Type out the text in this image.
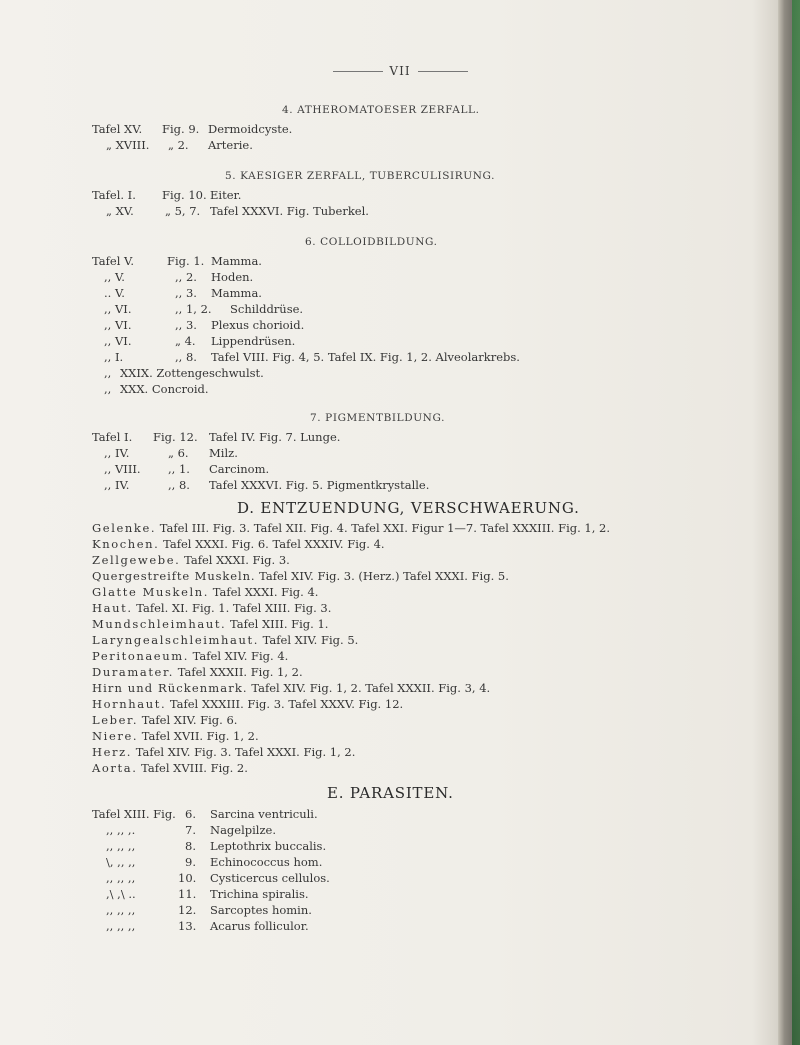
VII
4. ATHEROMATOESER ZERFALL.
Tafel XV. Fig. 9. Dermoidcyste.
„ XVIII. „ 2. Arterie.
5. KAESIGER ZERFALL, TUBERCULISIRUNG.
Tafel. I. Fig. 10. Eiter.
„ XV.	„ 5, 7. Tafel XXXVI. Fig. Tuberkel.
6. COLLOIDBILDUNG.
Tafel V.	Fig. 1. Mamma.
,, V.	,, 2. Hoden.
.. V.	,, 3. Mamma.
,, VI.	,, 1, 2. Schilddrüse.
,, VI.	,, 3. Plexus chorioid.
,, VI.	„ 4. Lippendrüsen.
,, I.	,, 8. Tafel VIII. Fig. 4, 5. Tafel IX. Fig. 1, 2. Alveolarkrebs.
,, XXIX. Zottengeschwulst.
,, XXX. Concroid.
7. PIGMENTBILDUNG.
Tafel I. Fig. 12. Tafel IV. Fig. 7. Lunge.
,, IV.	„ 6. Milz.
,, VIII. ,, 1. Carcinom.
,, IV.	,, 8. Tafel XXXVI. Fig. 5. Pigmentkrystalle.
D. ENTZUENDUNG, VERSCHWAERUNG.
Gelenke. Tafel III. Fig. 3. Tafel XII. Fig. 4. Tafel XXI. Figur 1—7. Tafel XXXIII. Fig. 1, 2.
Knochen. Tafel XXXI. Fig. 6. Tafel XXXIV. Fig. 4.
Zellgewebe. Tafel XXXI. Fig. 3.
Quergestreifte Muskeln. Tafel XIV. Fig. 3. (Herz.) Tafel XXXI. Fig. 5.
Glatte Muskeln. Tafel XXXI. Fig. 4.
Haut. Tafel. XI. Fig. 1. Tafel XIII. Fig. 3.
Mundschleimhaut. Tafel XIII. Fig. 1.
Laryngealschleimhaut. Tafel XIV. Fig. 5.
Peritonaeum. Tafel XIV. Fig. 4.
Duramater. Tafel XXXII. Fig. 1, 2.
Hirn und Rückenmark. Tafel XIV. Fig. 1, 2. Tafel XXXII. Fig. 3, 4.
Hornhaut. Tafel XXXIII. Fig. 3. Tafel XXXV. Fig. 12.
Leber. Tafel XIV. Fig. 6.
Niere. Tafel XVII. Fig. 1, 2.
Herz. Tafel XIV. Fig. 3. Tafel XXXI. Fig. 1, 2.
Aorta. Tafel XVIII. Fig. 2.
E. PARASITEN.
Tafel XIII. Fig. 6. Sarcina ventriculi.
,, ,, ,.	7. Nagelpilze.
,, ,, ,,	8. Leptothrix buccalis.
\, ,, ,,	9. Echinococcus hom.
,, ,, ,,	10. Cysticercus cellulos.
,\ ,\ ..	11. Trichina spiralis.
,, ,, ,,	12. Sarcoptes homin.
,, ,, ,,	13. Acarus folliculor.
